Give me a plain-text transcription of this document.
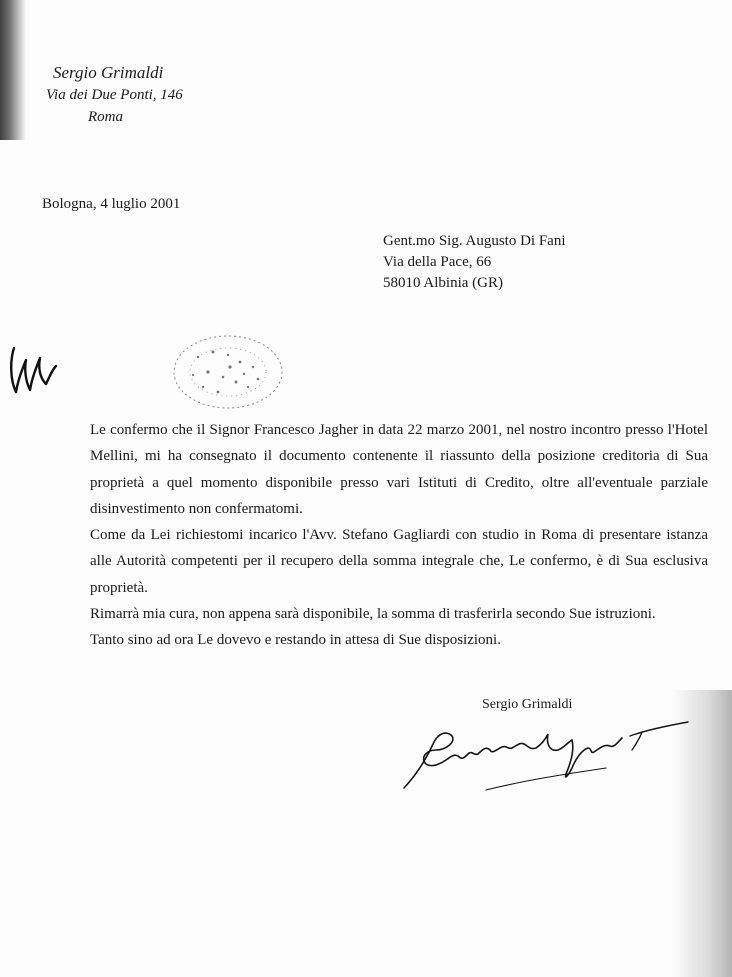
Sergio Grimaldi
Via dei Due Ponti, 146
Roma
Bologna, 4 luglio 2001
Gent.mo Sig. Augusto Di Fani
Via della Pace, 66
58010 Albinia (GR)

Le confermo che il Signor Francesco Jagher in data 22 marzo 2001, nel nostro incontro presso l'Hotel Mellini, mi ha consegnato il documento contenente il riassunto della posizione creditoria di Sua proprietà a quel momento disponibile presso vari Istituti di Credito, oltre all'eventuale parziale disinvestimento non confermatomi.

Come da Lei richiestomi incarico l'Avv. Stefano Gagliardi con studio in Roma di presentare istanza alle Autorità competenti per il recupero della somma integrale che, Le confermo, è di Sua esclusiva proprietà.

Rimarrà mia cura, non appena sarà disponibile, la somma di trasferirla secondo Sue istruzioni.

Tanto sino ad ora Le dovevo e restando in attesa di Sue disposizioni.

Sergio Grimaldi
